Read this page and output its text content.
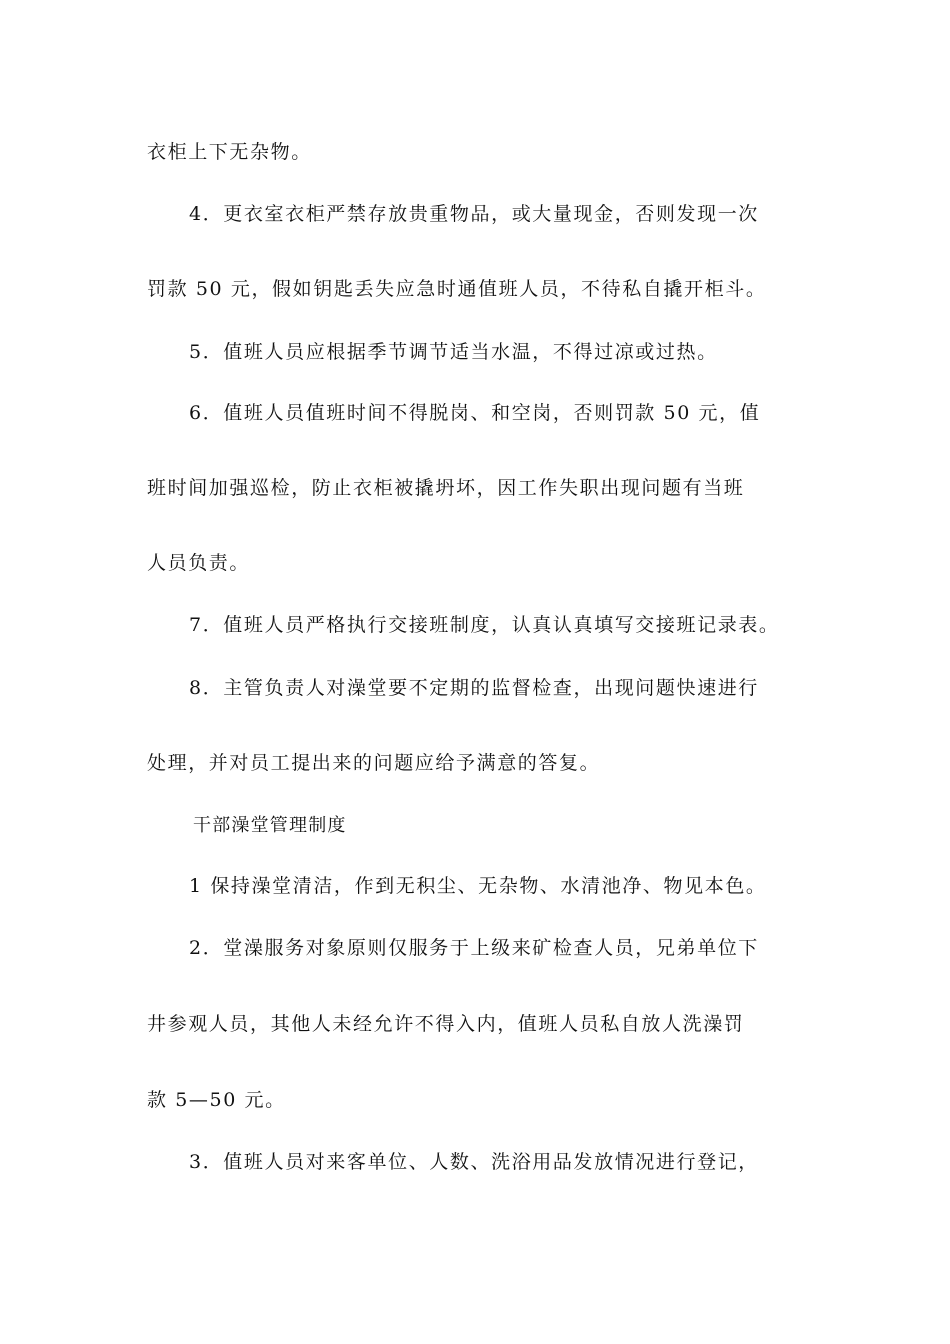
衣柜上下无杂物。
4．更衣室衣柜严禁存放贵重物品，或大量现金，否则发现一次
罚款 50 元，假如钥匙丢失应急时通值班人员，不待私自撬开柜斗。
5．值班人员应根据季节调节适当水温，不得过凉或过热。
6．值班人员值班时间不得脱岗、和空岗，否则罚款 50 元，值
班时间加强巡检，防止衣柜被撬坍坏，因工作失职出现问题有当班
人员负责。
7．值班人员严格执行交接班制度，认真认真填写交接班记录表。
8．主管负责人对澡堂要不定期的监督检查，出现问题快速进行
处理，并对员工提出来的问题应给予满意的答复。
干部澡堂管理制度
1 保持澡堂清洁，作到无积尘、无杂物、水清池净、物见本色。
2．堂澡服务对象原则仅服务于上级来矿检查人员，兄弟单位下
井参观人员，其他人未经允许不得入内，值班人员私自放人洗澡罚
款 5—50 元。
3．值班人员对来客单位、人数、洗浴用品发放情况进行登记，
